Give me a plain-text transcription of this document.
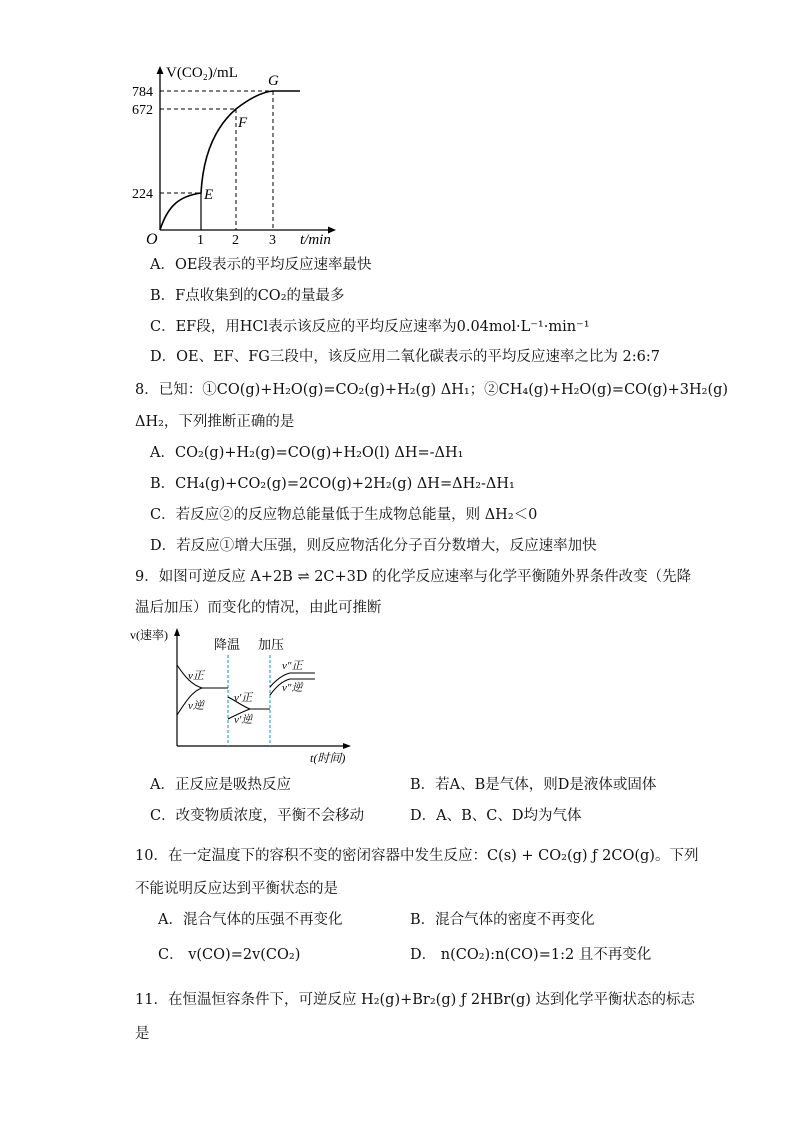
V(CO₂)/mL
784
672
224
O	1 2 3 t/min
E
F
G
A．OE段表示的平均反应速率最快
B．F点收集到的CO₂的量最多
C．EF段，用HCl表示该反应的平均反应速率为0.04mol·L⁻¹·min⁻¹
D．OE、EF、FG三段中，该反应用二氧化碳表示的平均反应速率之比为 2:6:7
8．已知：①CO(g)+H₂O(g)=CO₂(g)+H₂(g) ΔH₁；②CH₄(g)+H₂O(g)=CO(g)+3H₂(g)
ΔH₂，下列推断正确的是
A．CO₂(g)+H₂(g)=CO(g)+H₂O(l) ΔH=-ΔH₁
B．CH₄(g)+CO₂(g)=2CO(g)+2H₂(g) ΔH=ΔH₂-ΔH₁
C．若反应②的反应物总能量低于生成物总能量，则 ΔH₂＜0
D．若反应①增大压强，则反应物活化分子百分数增大，反应速率加快
9．如图可逆反应 A+2B ⇌ 2C+3D 的化学反应速率与化学平衡随外界条件改变（先降
温后加压）而变化的情况，由此可推断
v(速率)
降温 加压
v正
v逆
v′正
v′逆
v″正
v″逆
t(时间)
A．正反应是吸热反应	B．若A、B是气体，则D是液体或固体
C．改变物质浓度，平衡不会移动	D．A、B、C、D均为气体
10．在一定温度下的容积不变的密闭容器中发生反应：C(s) + CO₂(g) ƒ 2CO(g)。下列
不能说明反应达到平衡状态的是
A．混合气体的压强不再变化	B．混合气体的密度不再变化
C． v(CO)=2v(CO₂)	D． n(CO₂):n(CO)=1:2 且不再变化
11．在恒温恒容条件下，可逆反应 H₂(g)+Br₂(g) ƒ 2HBr(g) 达到化学平衡状态的标志
是
